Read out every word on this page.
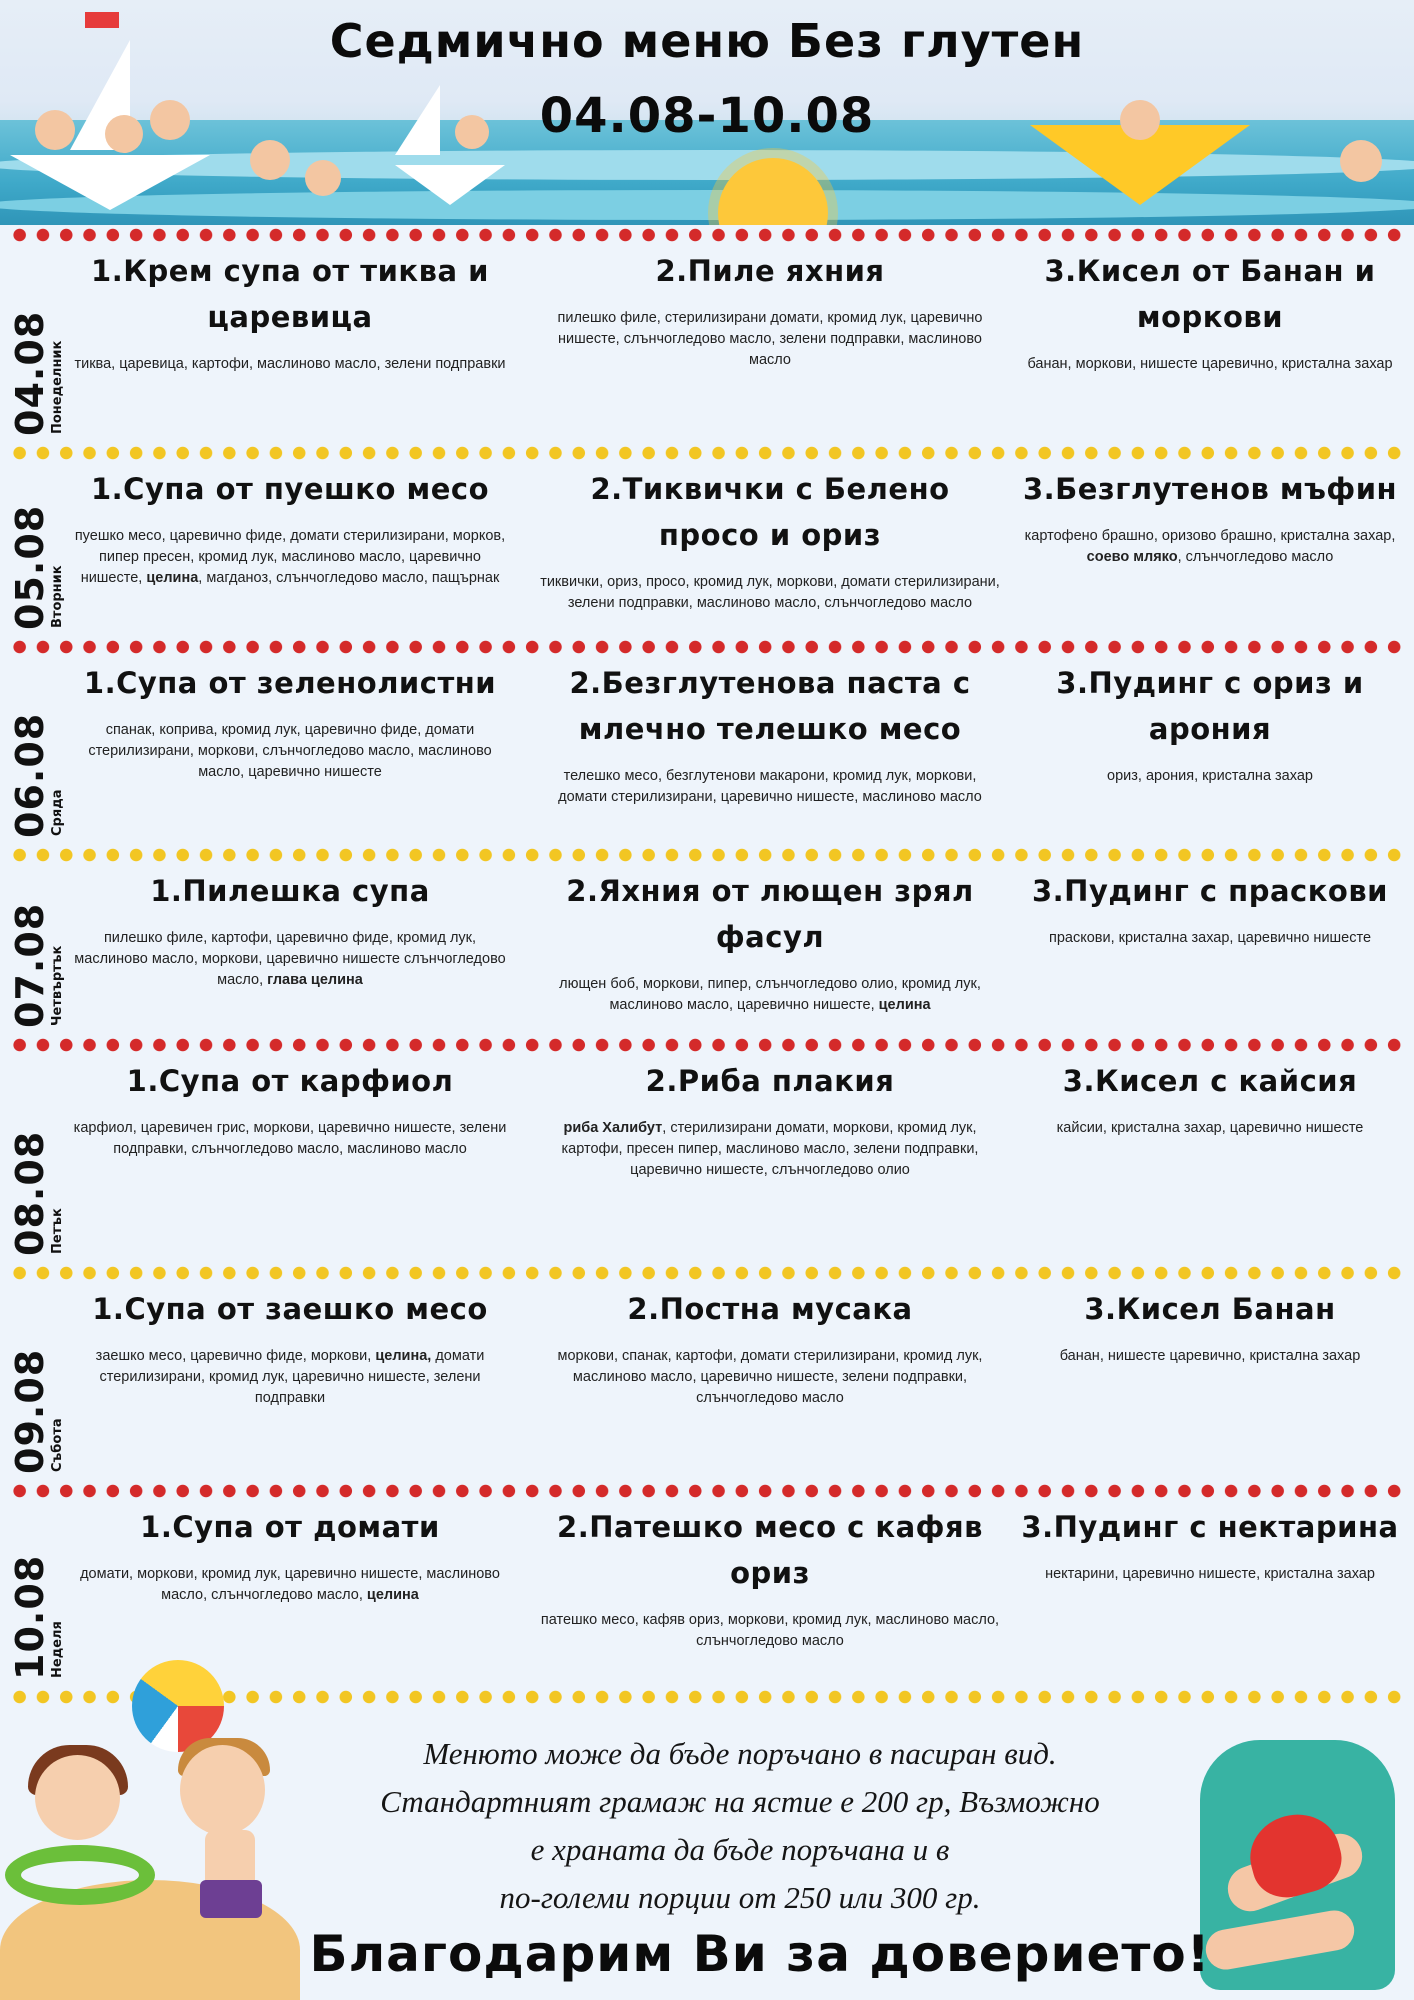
Седмично меню Без глутен
04.08-10.08
04.08
Понеделник
1.Крем супа от тиква и царевица
тиква, царевица, картофи, маслиново масло, зелени подправки
2.Пиле яхния
пилешко филе, стерилизирани домати, кромид лук, царевично нишесте, слънчогледово масло, зелени подправки, маслиново масло
3.Кисел от Банан и моркови
банан, моркови, нишесте царевично, кристална захар
05.08
Вторник
1.Супа от пуешко месо
пуешко месо, царевично фиде, домати стерилизирани, морков, пипер пресен, кромид лук, маслиново масло, царевично нишесте, целина, магданоз, слънчогледово масло, пащърнак
2.Тиквички с Белено просо и ориз
тиквички, ориз, просо, кромид лук, моркови, домати стерилизирани, зелени подправки, маслиново масло, слънчогледово масло
3.Безглутенов мъфин
картофено брашно, оризово брашно, кристална захар, соево мляко, слънчогледово масло
06.08
Сряда
1.Супа от зеленолистни
спанак, коприва, кромид лук, царевично фиде, домати стерилизирани, моркови, слънчогледово масло, маслиново масло, царевично нишесте
2.Безглутенова паста с млечно телешко месо
телешко месо, безглутенови макарони, кромид лук, моркови, домати стерилизирани, царевично нишесте, маслиново масло
3.Пудинг с ориз и арония
ориз, арония, кристална захар
07.08
Четвъртък
1.Пилешка супа
пилешко филе, картофи, царевично фиде, кромид лук, маслиново масло, моркови, царевично нишесте слънчогледово масло, глава целина
2.Яхния от лющен зрял фасул
лющен боб, моркови, пипер, слънчогледово олио, кромид лук, маслиново масло, царевично нишесте, целина
3.Пудинг с праскови
праскови, кристална захар, царевично нишесте
08.08
Петък
1.Супа от карфиол
карфиол, царевичен грис, моркови, царевично нишесте, зелени подправки, слънчогледово масло, маслиново масло
2.Риба плакия
риба Халибут, стерилизирани домати, моркови, кромид лук, картофи, пресен пипер, маслиново масло, зелени подправки, царевично нишесте, слънчогледово олио
3.Кисел с кайсия
кайсии, кристална захар, царевично нишесте
09.08
Събота
1.Супа от заешко месо
заешко месо, царевично фиде, моркови, целина, домати стерилизирани, кромид лук, царевично нишесте, зелени подправки
2.Постна мусака
моркови, спанак, картофи, домати стерилизирани, кромид лук, маслиново масло, царевично нишесте, зелени подправки, слънчогледово масло
3.Кисел Банан
банан, нишесте царевично, кристална захар
10.08
Неделя
1.Супа от домати
домати, моркови, кромид лук, царевично нишесте, маслиново масло, слънчогледово масло, целина
2.Патешко месо с кафяв ориз
патешко месо, кафяв ориз, моркови, кромид лук, маслиново масло, слънчогледово масло
3.Пудинг с нектарина
нектарини, царевично нишесте, кристална захар
Менюто може да бъде поръчано в пасиран вид.
Стандартният грамаж на ястие е 200 гр, Възможно
е храната да бъде поръчана и в
по-големи порции от 250 или 300 гр.
Благодарим Ви за доверието!
